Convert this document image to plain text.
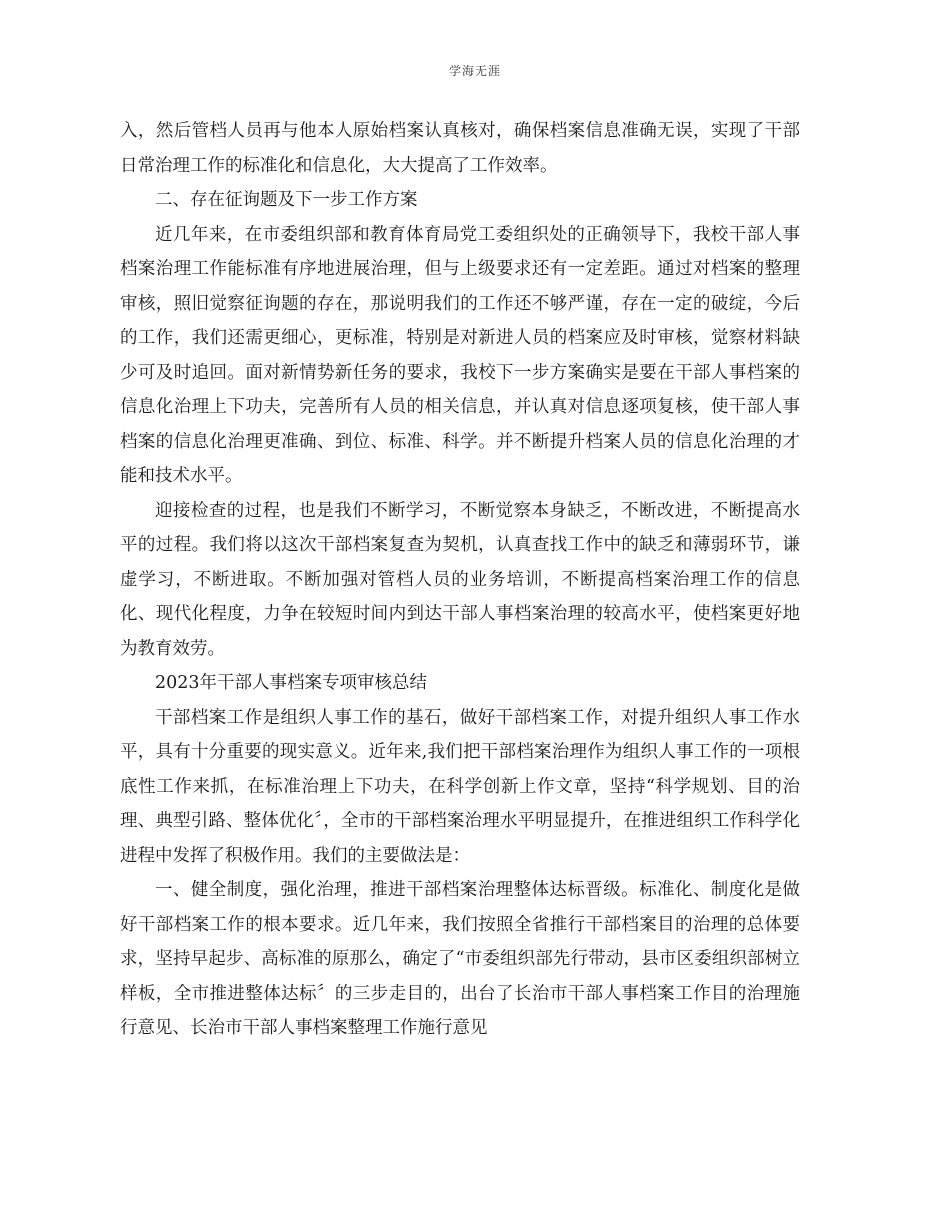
学海无涯

入，然后管档人员再与他本人原始档案认真核对，确保档案信息准确无误，实现了干部日常治理工作的标准化和信息化，大大提高了工作效率。

二、存在征询题及下一步工作方案

近几年来，在市委组织部和教育体育局党工委组织处的正确领导下，我校干部人事档案治理工作能标准有序地进展治理，但与上级要求还有一定差距。通过对档案的整理审核，照旧觉察征询题的存在，那说明我们的工作还不够严谨，存在一定的破绽，今后的工作，我们还需更细心，更标准，特别是对新进人员的档案应及时审核，觉察材料缺少可及时追回。面对新情势新任务的要求，我校下一步方案确实是要在干部人事档案的信息化治理上下功夫，完善所有人员的相关信息，并认真对信息逐项复核，使干部人事档案的信息化治理更准确、到位、标准、科学。并不断提升档案人员的信息化治理的才能和技术水平。

迎接检查的过程，也是我们不断学习，不断觉察本身缺乏，不断改进，不断提高水平的过程。我们将以这次干部档案复查为契机，认真查找工作中的缺乏和薄弱环节，谦虚学习，不断进取。不断加强对管档人员的业务培训，不断提高档案治理工作的信息化、现代化程度，力争在较短时间内到达干部人事档案治理的较高水平，使档案更好地为教育效劳。

2023年干部人事档案专项审核总结

干部档案工作是组织人事工作的基石，做好干部档案工作，对提升组织人事工作水平，具有十分重要的现实意义。近年来,我们把干部档案治理作为组织人事工作的一项根底性工作来抓，在标准治理上下功夫，在科学创新上作文章，坚持“科学规划、目的治理、典型引路、整体优化〞，全市的干部档案治理水平明显提升，在推进组织工作科学化进程中发挥了积极作用。我们的主要做法是：

一、健全制度，强化治理，推进干部档案治理整体达标晋级。标准化、制度化是做好干部档案工作的根本要求。近几年来，我们按照全省推行干部档案目的治理的总体要求，坚持早起步、高标准的原那么，确定了“市委组织部先行带动，县市区委组织部树立样板，全市推进整体达标〞的三步走目的，出台了长治市干部人事档案工作目的治理施行意见、长治市干部人事档案整理工作施行意见
